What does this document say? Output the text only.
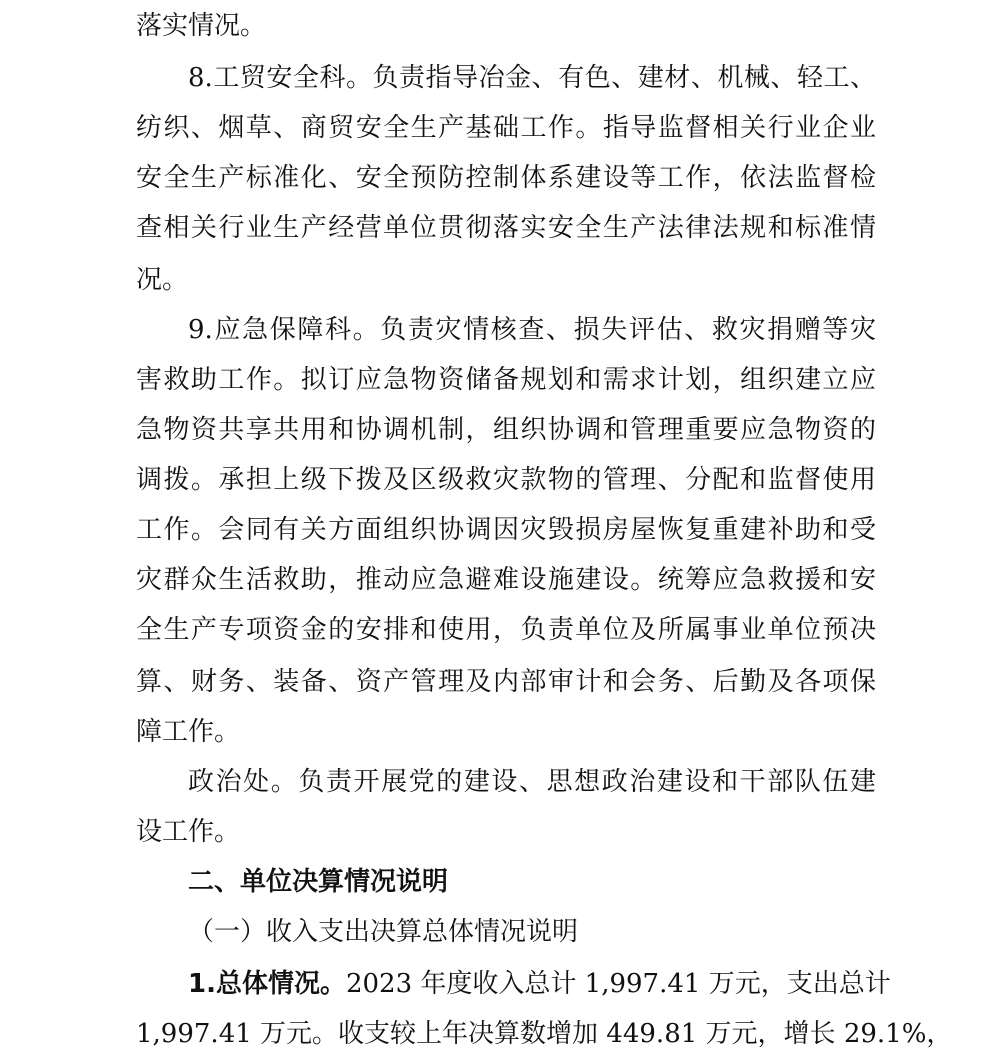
落实情况。
8.工贸安全科。负责指导冶金、有色、建材、机械、轻工、
纺织、烟草、商贸安全生产基础工作。指导监督相关行业企业
安全生产标准化、安全预防控制体系建设等工作，依法监督检
查相关行业生产经营单位贯彻落实安全生产法律法规和标准情
况。
9.应急保障科。负责灾情核查、损失评估、救灾捐赠等灾
害救助工作。拟订应急物资储备规划和需求计划，组织建立应
急物资共享共用和协调机制，组织协调和管理重要应急物资的
调拨。承担上级下拨及区级救灾款物的管理、分配和监督使用
工作。会同有关方面组织协调因灾毁损房屋恢复重建补助和受
灾群众生活救助，推动应急避难设施建设。统筹应急救援和安
全生产专项资金的安排和使用，负责单位及所属事业单位预决
算、财务、装备、资产管理及内部审计和会务、后勤及各项保
障工作。
政治处。负责开展党的建设、思想政治建设和干部队伍建
设工作。
二、单位决算情况说明
（一）收入支出决算总体情况说明
1.总体情况。2023 年度收入总计 1,997.41 万元，支出总计
1,997.41 万元。收支较上年决算数增加 449.81 万元，增长 29.1%，
